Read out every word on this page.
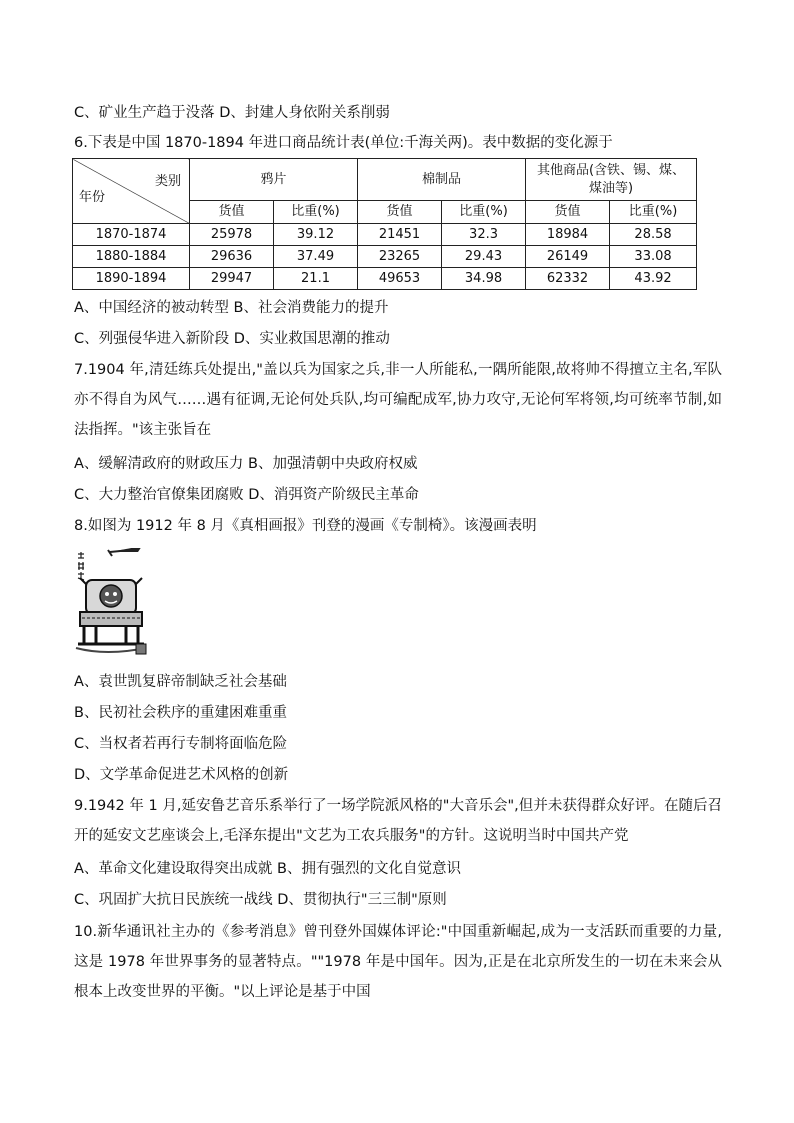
C、矿业生产趋于没落 D、封建人身依附关系削弱
6.下表是中国 1870-1894 年进口商品统计表(单位:千海关两)。表中数据的变化源于
类别
年份	鸦片		棉制品		其他商品(含铁、锡、煤、煤油等)	
	货值	比重(%)	货值	比重(%)	货值	比重(%)
1870-1874	25978	39.12	21451	32.3	18984	28.58
1880-1884	29636	37.49	23265	29.43	26149	33.08
1890-1894	29947	21.1	49653	34.98	62332	43.92
A、中国经济的被动转型 B、社会消费能力的提升
C、列强侵华进入新阶段 D、实业救国思潮的推动
7.1904 年,清廷练兵处提出,"盖以兵为国家之兵,非一人所能私,一隅所能限,故将帅不得擅立主名,军队亦不得自为风气……遇有征调,无论何处兵队,均可编配成军,协力攻守,无论何军将领,均可统率节制,如法指挥。"该主张旨在
A、缓解清政府的财政压力 B、加强清朝中央政府权威
C、大力整治官僚集团腐败 D、消弭资产阶级民主革命
8.如图为 1912 年 8 月《真相画报》刊登的漫画《专制椅》。该漫画表明
A、袁世凯复辟帝制缺乏社会基础
B、民初社会秩序的重建困难重重
C、当权者若再行专制将面临危险
D、文学革命促进艺术风格的创新
9.1942 年 1 月,延安鲁艺音乐系举行了一场学院派风格的"大音乐会",但并未获得群众好评。在随后召开的延安文艺座谈会上,毛泽东提出"文艺为工农兵服务"的方针。这说明当时中国共产党
A、革命文化建设取得突出成就 B、拥有强烈的文化自觉意识
C、巩固扩大抗日民族统一战线 D、贯彻执行"三三制"原则
10.新华通讯社主办的《参考消息》曾刊登外国媒体评论:"中国重新崛起,成为一支活跃而重要的力量,这是 1978 年世界事务的显著特点。""1978 年是中国年。因为,正是在北京所发生的一切在未来会从根本上改变世界的平衡。"以上评论是基于中国
